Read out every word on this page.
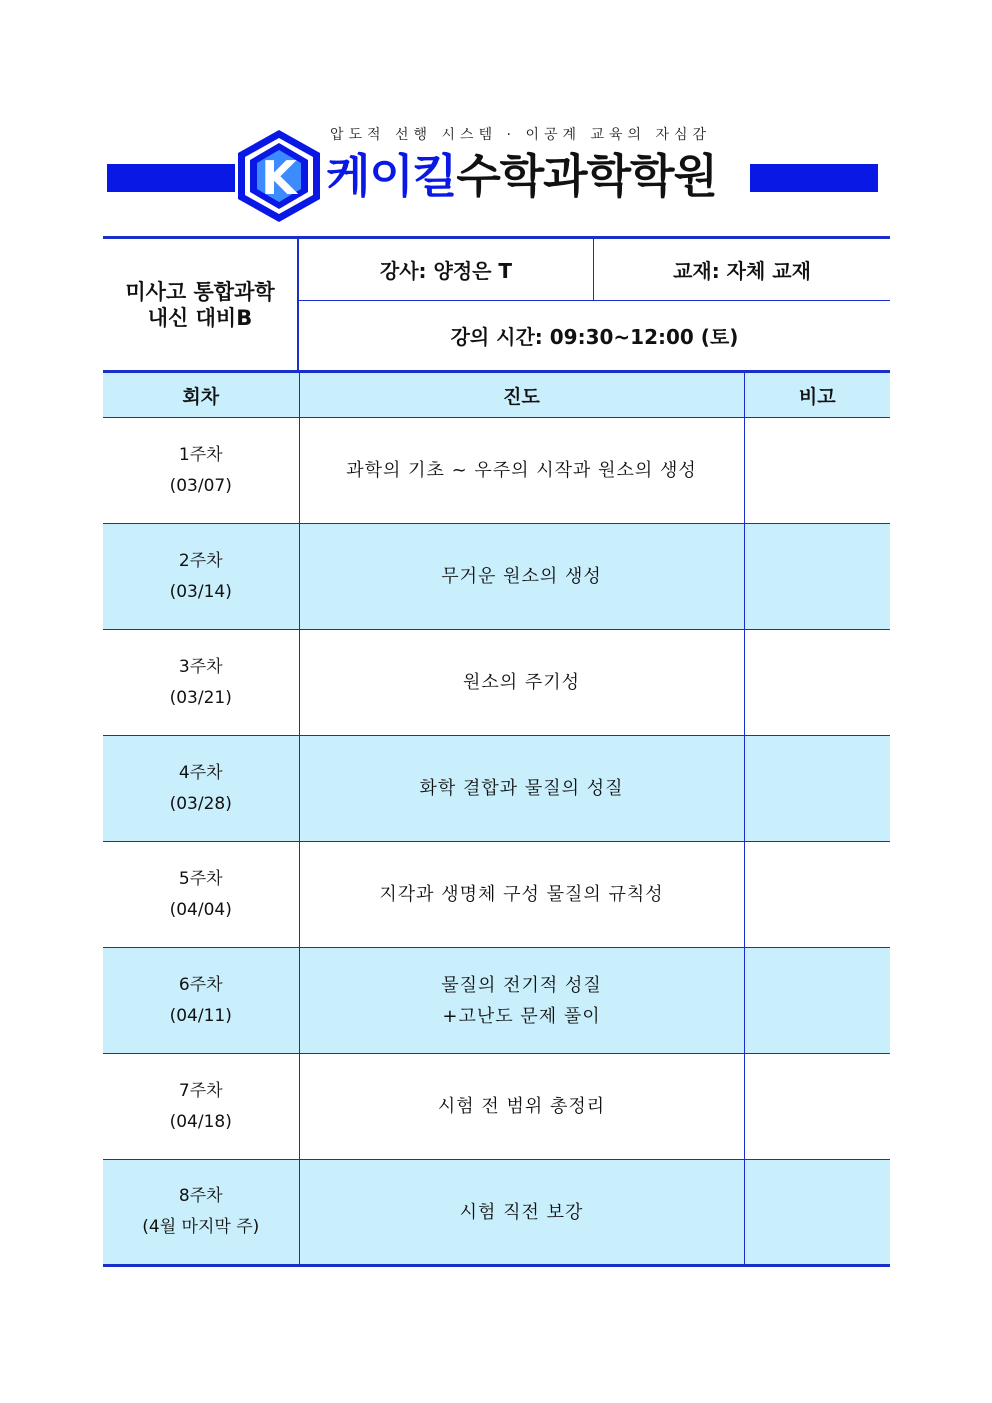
압도적 선행 시스템 · 이공계 교육의 자심감
K 케이킬수학과학학원
미사고 통합과학
내신 대비B
강사: 양정은 T	교재: 자체 교재
강의 시간: 09:30~12:00 (토)
회차	진도	비고

1주차
(03/07)	과학의 기초 ~ 우주의 시작과 원소의 생성	

2주차
(03/14)	무거운 원소의 생성	

3주차
(03/21)	원소의 주기성	

4주차
(03/28)	화학 결합과 물질의 성질	

5주차
(04/04)	지각과 생명체 구성 물질의 규칙성	

6주차
(04/11)	물질의 전기적 성질
+고난도 문제 풀이	

7주차
(04/18)	시험 전 범위 총정리	

8주차
(4월 마지막 주)	시험 직전 보강	
